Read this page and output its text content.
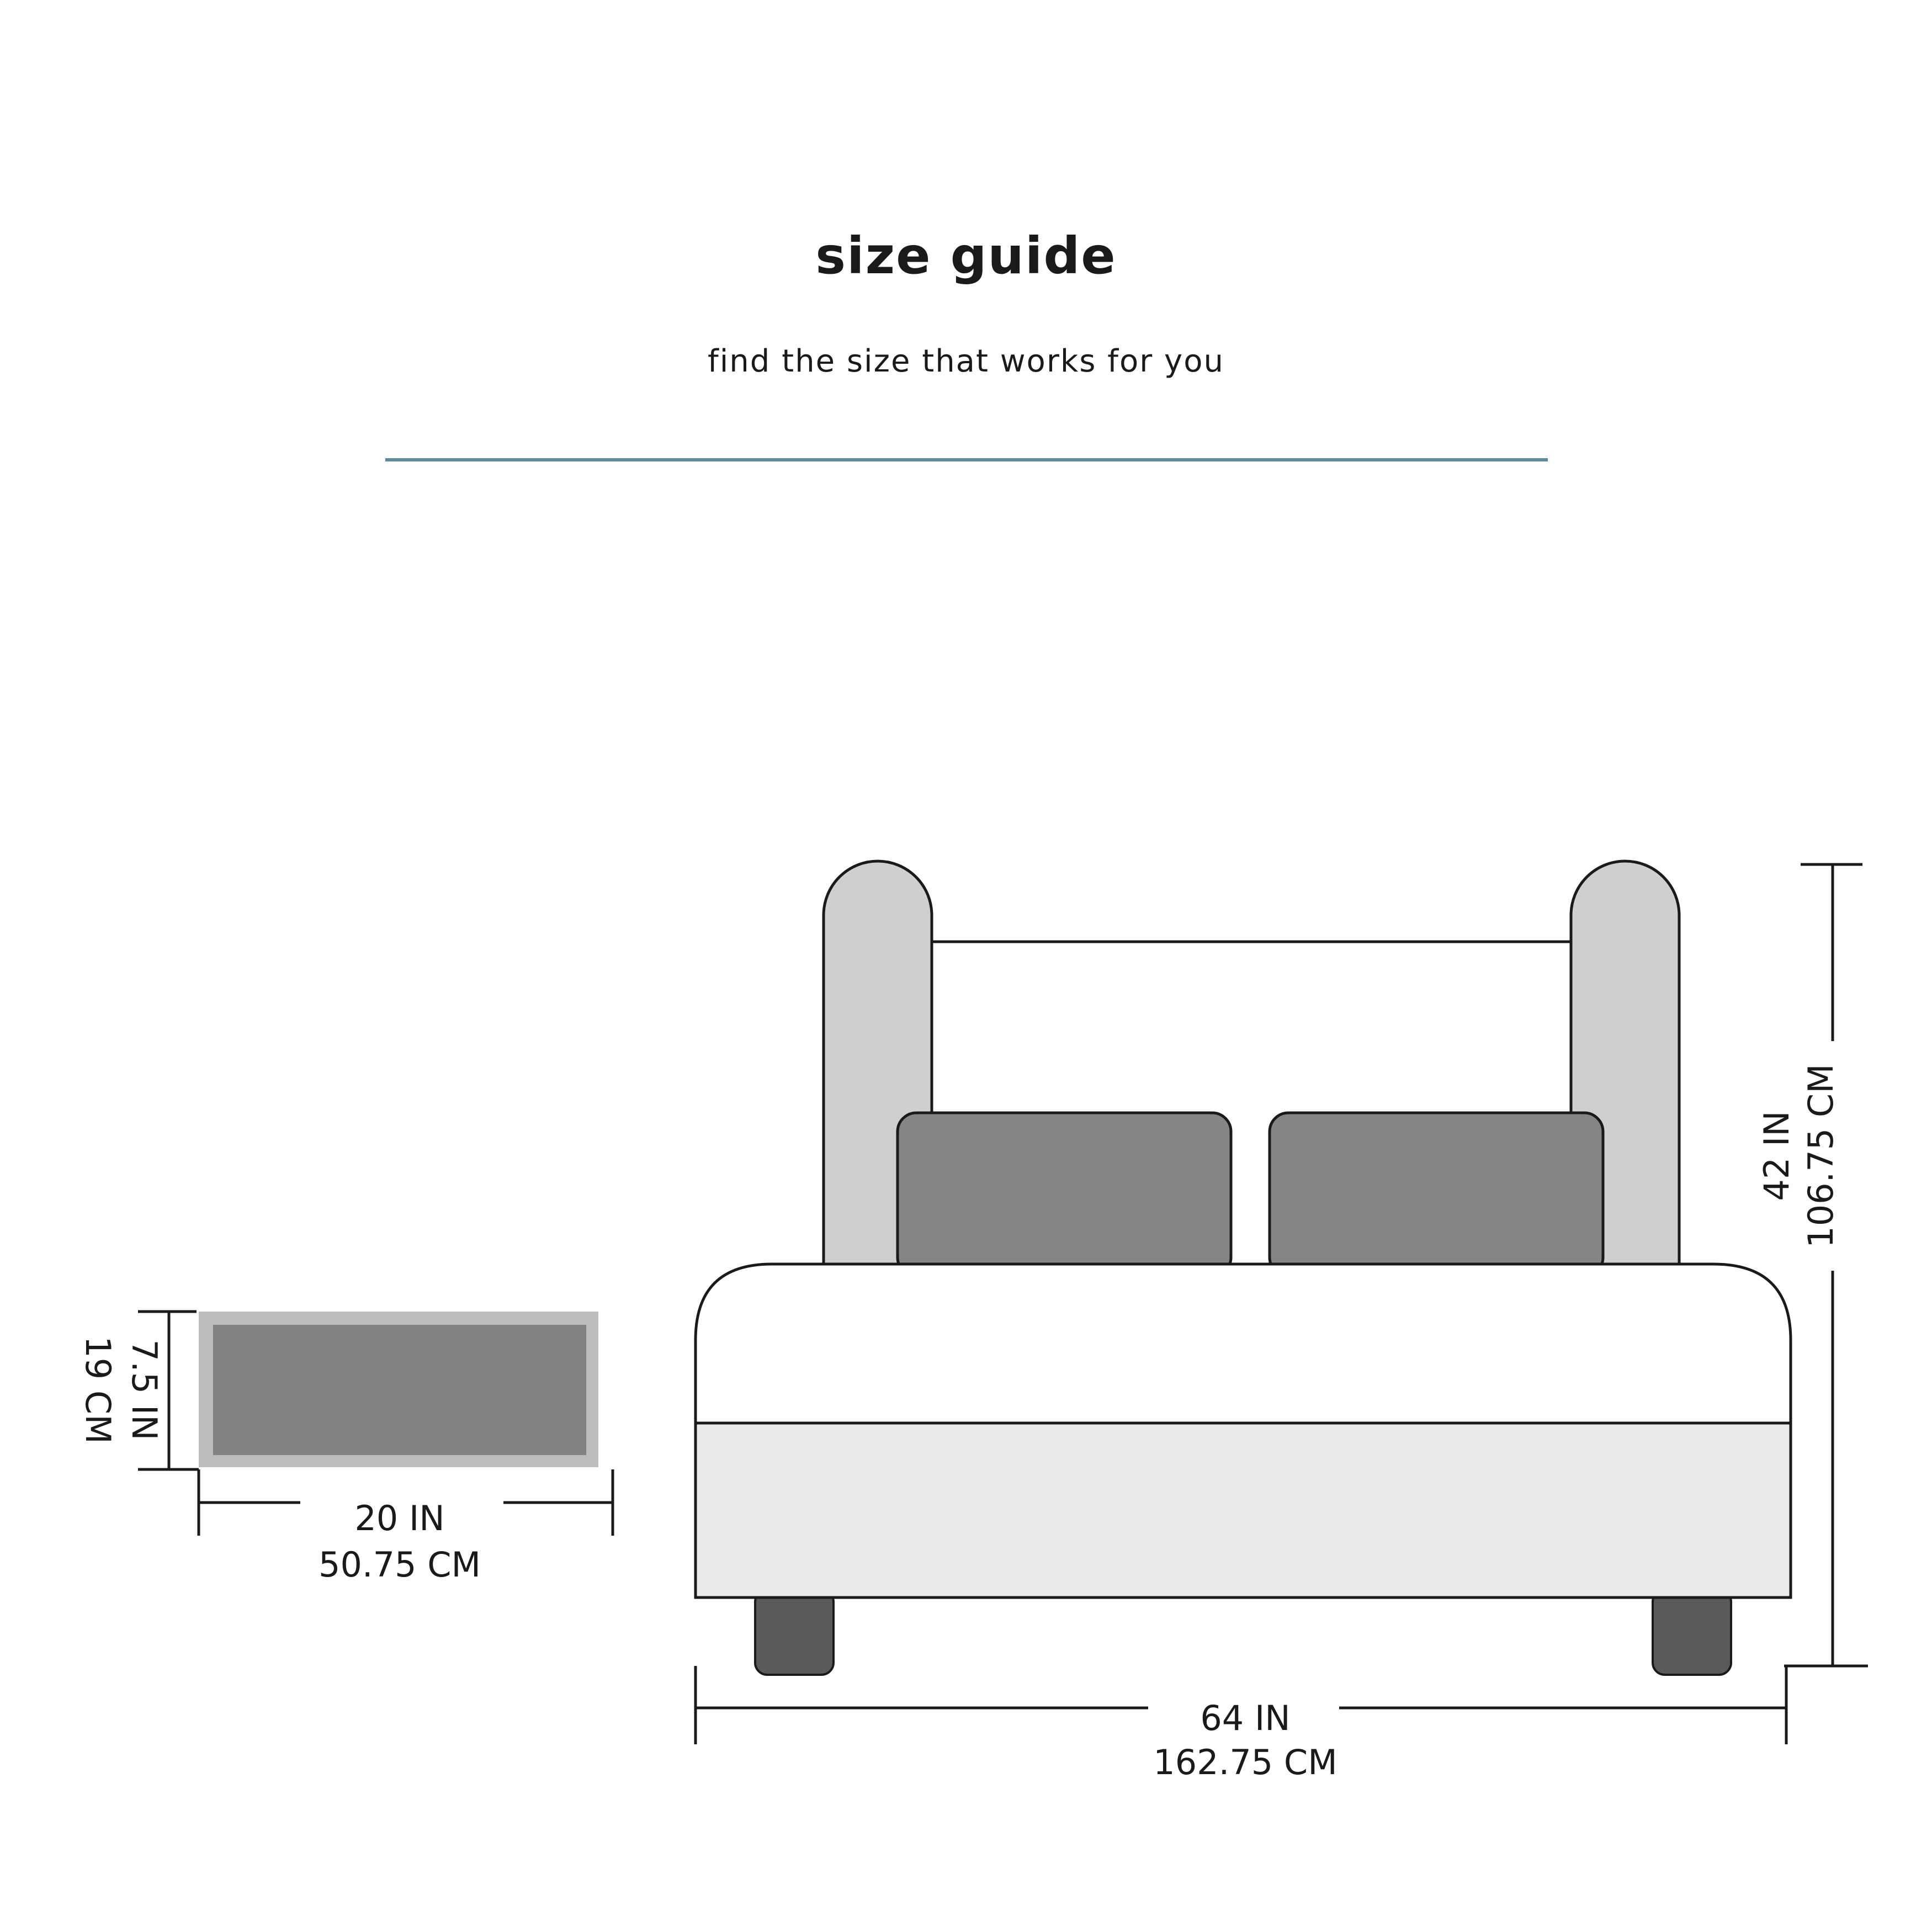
size guide
find the size that works for you
64 IN
162.75 CM
42 IN 106.75 CM
7.5 IN
19 CM
20 IN
50.75 CM
